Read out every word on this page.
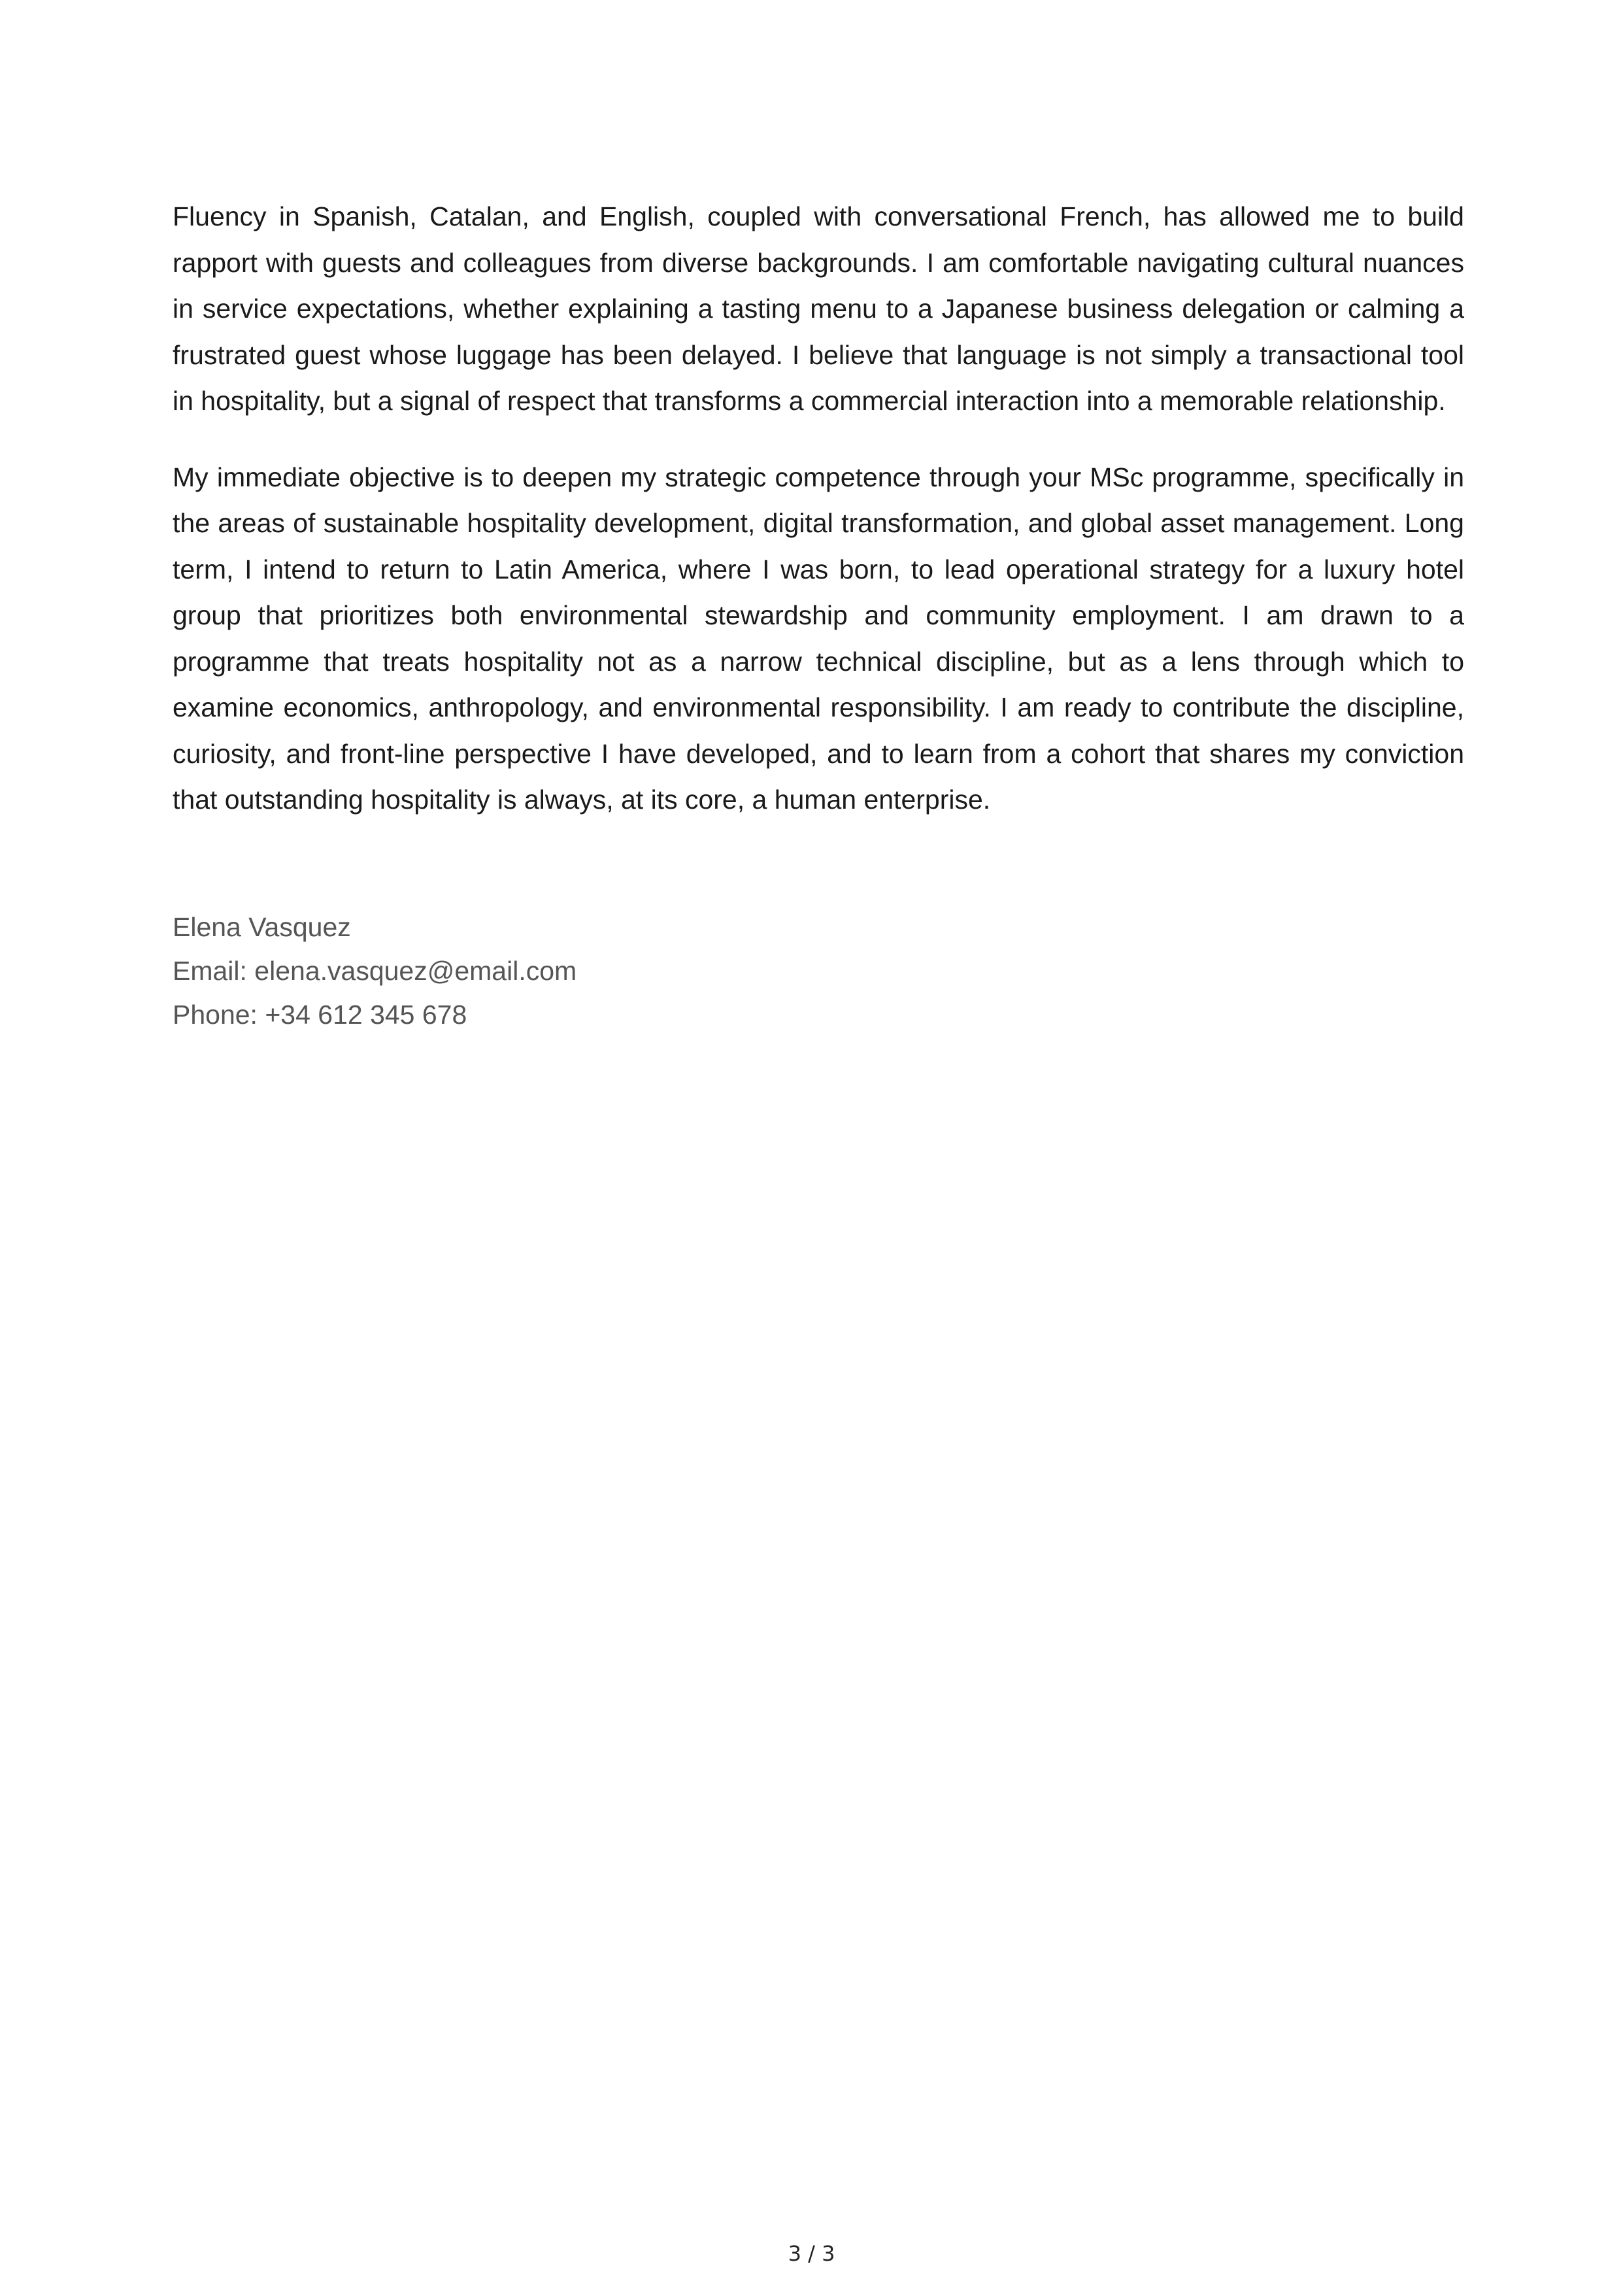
Fluency in Spanish, Catalan, and English, coupled with conversational French, has allowed me to build rapport with guests and colleagues from diverse backgrounds. I am comfortable navigating cultural nuances in service expectations, whether explaining a tasting menu to a Japanese business delegation or calming a frustrated guest whose luggage has been delayed. I believe that language is not simply a transactional tool in hospitality, but a signal of respect that transforms a commercial interaction into a memorable relationship.

My immediate objective is to deepen my strategic competence through your MSc programme, specifically in the areas of sustainable hospitality development, digital transformation, and global asset management. Long term, I intend to return to Latin America, where I was born, to lead operational strategy for a luxury hotel group that prioritizes both environmental stewardship and community employment. I am drawn to a programme that treats hospitality not as a narrow technical discipline, but as a lens through which to examine economics, anthropology, and environmental responsibility. I am ready to contribute the discipline, curiosity, and front-line perspective I have developed, and to learn from a cohort that shares my conviction that outstanding hospitality is always, at its core, a human enterprise.

Elena Vasquez
Email: elena.vasquez@email.com
Phone: +34 612 345 678
3 / 3
